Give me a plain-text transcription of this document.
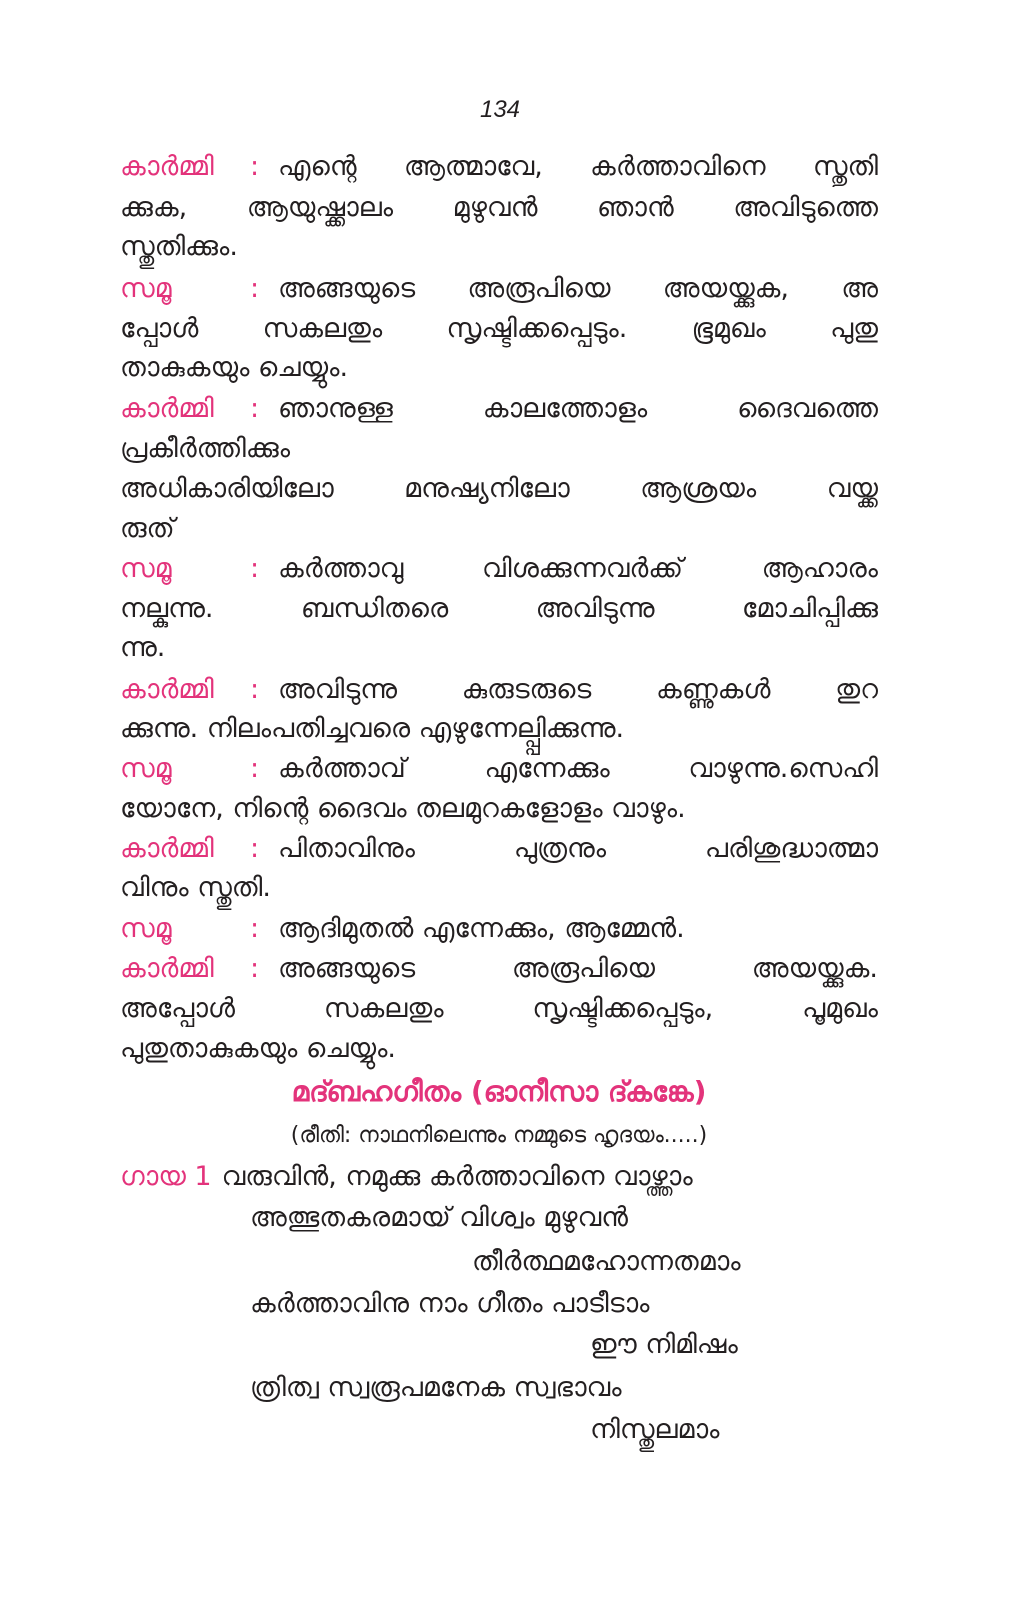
134
കാർമ്മി	: എന്റെ ആത്മാവേ, കർത്താവിനെ സ്തുതി
ക്കുക, ആയുഷ്ക്കാലം മുഴുവൻ ഞാൻ അവിടുത്തെ
സ്തുതിക്കും.
സമൂ	: അങ്ങയുടെ അരൂപിയെ അയയ്ക്കുക, അ
പ്പോൾ സകലതും സൃഷ്ടിക്കപ്പെടും. ഭൂമുഖം പുതു
താകുകയും ചെയ്യും.
കാർമ്മി	: ഞാനുള്ള കാലത്തോളം ദൈവത്തെ
പ്രകീർത്തിക്കും
അധികാരിയിലോ മനുഷ്യനിലോ ആശ്രയം വയ്ക്ക
രുത്
സമൂ	: കർത്താവു വിശക്കുന്നവർക്ക് ആഹാരം
നല്കുന്നു. ബന്ധിതരെ അവിടുന്നു മോചിപ്പിക്കു
ന്നു.
കാർമ്മി	: അവിടുന്നു കുരുടരുടെ കണ്ണുകൾ തുറ
ക്കുന്നു. നിലംപതിച്ചവരെ എഴുന്നേല്പ്പിക്കുന്നു.
സമൂ	: കർത്താവ് എന്നേക്കും വാഴുന്നു.സെഹി
യോനേ, നിന്റെ ദൈവം തലമുറകളോളം വാഴും.
കാർമ്മി	: പിതാവിനും പുത്രനും പരിശുദ്ധാത്മാ
വിനും സ്തുതി.
സമൂ	: ആദിമുതൽ എന്നേക്കും, ആമ്മേൻ.
കാർമ്മി	: അങ്ങയുടെ അരൂപിയെ അയയ്ക്കുക.
അപ്പോൾ സകലതും സൃഷ്ടിക്കപ്പെടും, പൂമുഖം
പുതുതാകുകയും ചെയ്യും.
മദ്ബഹഗീതം (ഓനീസാ ദ്കങ്കേ)
(രീതി: നാഥനിലെന്നും നമ്മുടെ ഹൃദയം.....)
ഗായ 1 വരുവിൻ, നമുക്കു കർത്താവിനെ വാഴ്ത്താം
അത്ഭുതകരമായ് വിശ്വം മുഴുവൻ
തീർത്ഥമഹോന്നതമാം
കർത്താവിനു നാം ഗീതം പാടീടാം
ഈ നിമിഷം
ത്രിത്വ സ്വരൂപമനേക സ്വഭാവം
നിസ്തുലമാം
